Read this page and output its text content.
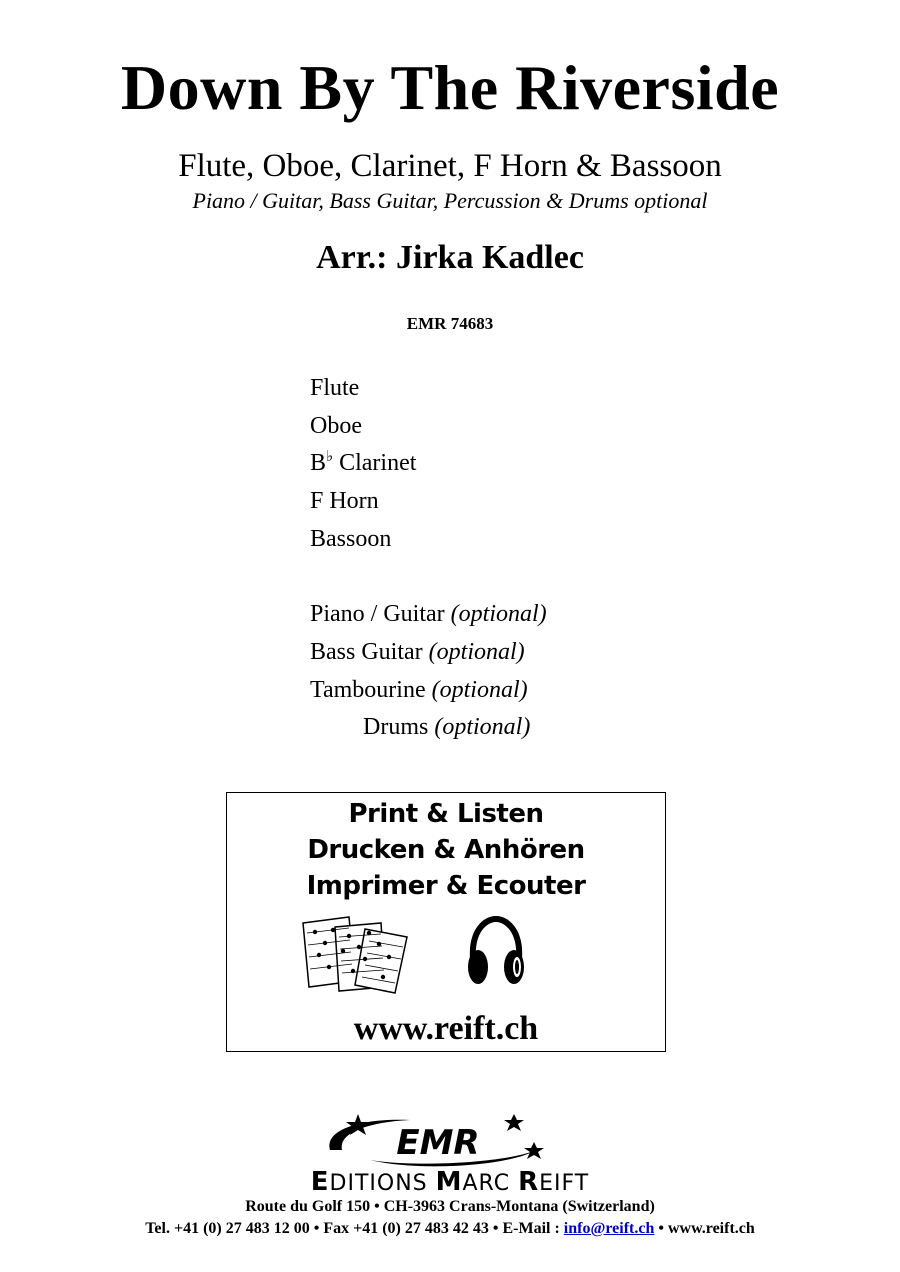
Down By The Riverside
Flute, Oboe, Clarinet, F Horn & Bassoon
Piano / Guitar, Bass Guitar, Percussion & Drums optional
Arr.: Jirka Kadlec
EMR 74683
Flute
Oboe
B♭ Clarinet
F Horn
Bassoon
Piano / Guitar (optional)
Bass Guitar (optional)
Tambourine (optional)
Drums (optional)
Print & Listen
Drucken & Anhören
Imprimer & Ecouter
www.reift.ch
EMR
EDITIONS MARC REIFT
Route du Golf 150 • CH-3963 Crans-Montana (Switzerland)
Tel. +41 (0) 27 483 12 00 • Fax +41 (0) 27 483 42 43 • E-Mail : info@reift.ch • www.reift.ch
